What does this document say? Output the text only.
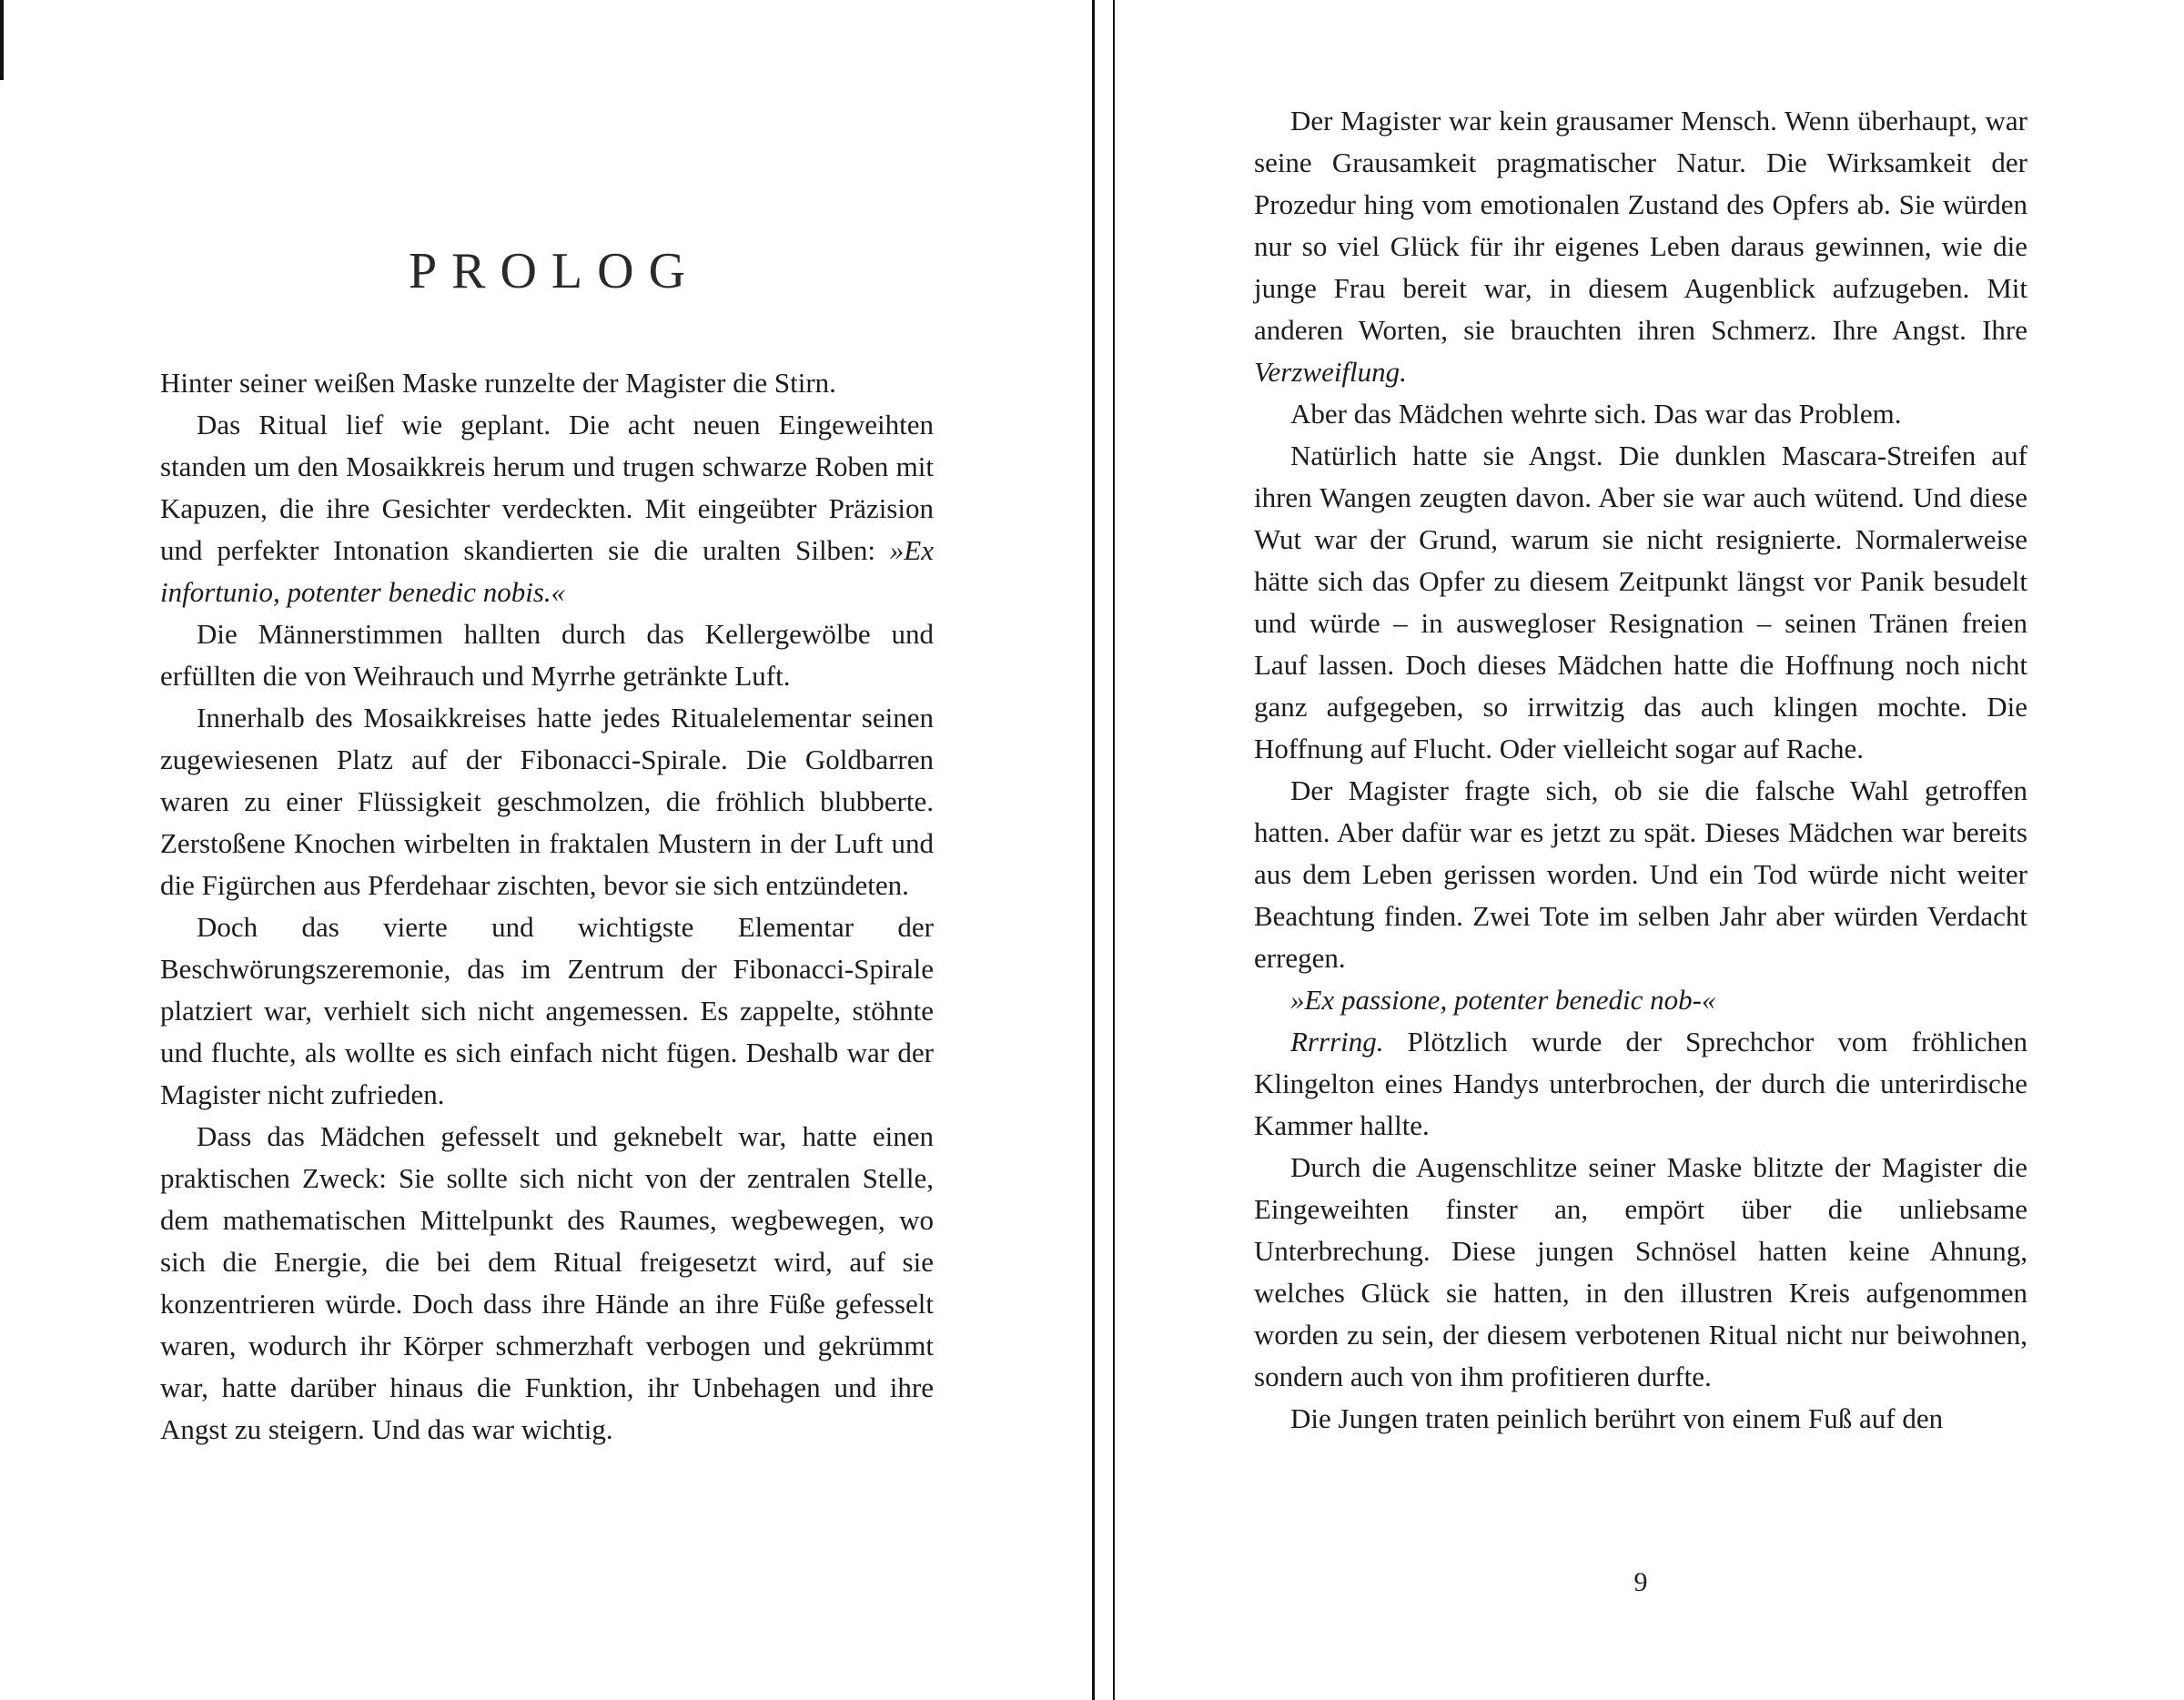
PROLOG

Hinter seiner weißen Maske runzelte der Magister die Stirn.

Das Ritual lief wie geplant. Die acht neuen Eingeweihten standen um den Mosaikkreis herum und trugen schwarze Roben mit Kapuzen, die ihre Gesichter verdeckten. Mit eingeübter Präzision und perfekter Intonation skandierten sie die uralten Silben: »Ex infortunio, potenter benedic nobis.«

Die Männerstimmen hallten durch das Kellergewölbe und erfüllten die von Weihrauch und Myrrhe getränkte Luft.

Innerhalb des Mosaikkreises hatte jedes Ritualelementar seinen zugewiesenen Platz auf der Fibonacci-Spirale. Die Goldbarren waren zu einer Flüssigkeit geschmolzen, die fröhlich blubberte. Zerstoßene Knochen wirbelten in fraktalen Mustern in der Luft und die Figürchen aus Pferdehaar zischten, bevor sie sich entzündeten.

Doch das vierte und wichtigste Elementar der Beschwörungszeremonie, das im Zentrum der Fibonacci-Spirale platziert war, verhielt sich nicht angemessen. Es zappelte, stöhnte und fluchte, als wollte es sich einfach nicht fügen. Deshalb war der Magister nicht zufrieden.

Dass das Mädchen gefesselt und geknebelt war, hatte einen praktischen Zweck: Sie sollte sich nicht von der zentralen Stelle, dem mathematischen Mittelpunkt des Raumes, wegbewegen, wo sich die Energie, die bei dem Ritual freigesetzt wird, auf sie konzentrieren würde. Doch dass ihre Hände an ihre Füße gefesselt waren, wodurch ihr Körper schmerzhaft verbogen und gekrümmt war, hatte darüber hinaus die Funktion, ihr Unbehagen und ihre Angst zu steigern. Und das war wichtig.

Der Magister war kein grausamer Mensch. Wenn überhaupt, war seine Grausamkeit pragmatischer Natur. Die Wirksamkeit der Prozedur hing vom emotionalen Zustand des Opfers ab. Sie würden nur so viel Glück für ihr eigenes Leben daraus gewinnen, wie die junge Frau bereit war, in diesem Augenblick aufzugeben. Mit anderen Worten, sie brauchten ihren Schmerz. Ihre Angst. Ihre Verzweiflung.

Aber das Mädchen wehrte sich. Das war das Problem.

Natürlich hatte sie Angst. Die dunklen Mascara-Streifen auf ihren Wangen zeugten davon. Aber sie war auch wütend. Und diese Wut war der Grund, warum sie nicht resignierte. Normalerweise hätte sich das Opfer zu diesem Zeitpunkt längst vor Panik besudelt und würde – in auswegloser Resignation – seinen Tränen freien Lauf lassen. Doch dieses Mädchen hatte die Hoffnung noch nicht ganz aufgegeben, so irrwitzig das auch klingen mochte. Die Hoffnung auf Flucht. Oder vielleicht sogar auf Rache.

Der Magister fragte sich, ob sie die falsche Wahl getroffen hatten. Aber dafür war es jetzt zu spät. Dieses Mädchen war bereits aus dem Leben gerissen worden. Und ein Tod würde nicht weiter Beachtung finden. Zwei Tote im selben Jahr aber würden Verdacht erregen.

»Ex passione, potenter benedic nob-«

Rrrring. Plötzlich wurde der Sprechchor vom fröhlichen Klingelton eines Handys unterbrochen, der durch die unterirdische Kammer hallte.

Durch die Augenschlitze seiner Maske blitzte der Magister die Eingeweihten finster an, empört über die unliebsame Unterbrechung. Diese jungen Schnösel hatten keine Ahnung, welches Glück sie hatten, in den illustren Kreis aufgenommen worden zu sein, der diesem verbotenen Ritual nicht nur beiwohnen, sondern auch von ihm profitieren durfte.

Die Jungen traten peinlich berührt von einem Fuß auf den

9
